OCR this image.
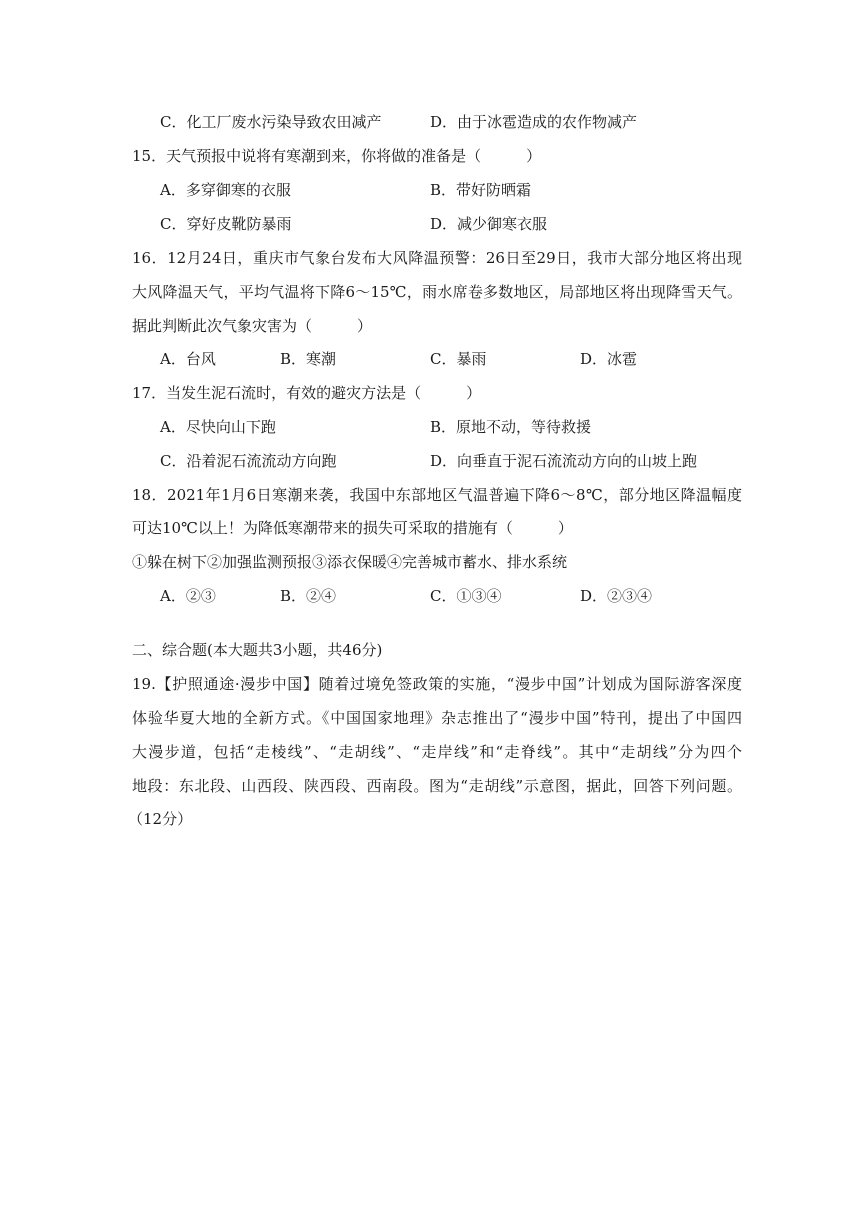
C．化工厂废水污染导致农田减产	D．由于冰雹造成的农作物减产
15．天气预报中说将有寒潮到来，你将做的准备是（　　　）
A．多穿御寒的衣服	B．带好防晒霜
C．穿好皮靴防暴雨	D．减少御寒衣服
16．12月24日，重庆市气象台发布大风降温预警：26日至29日，我市大部分地区将出现
大风降温天气，平均气温将下降6～15℃，雨水席卷多数地区，局部地区将出现降雪天气。
据此判断此次气象灾害为（　　　）
A．台风	B．寒潮	C．暴雨	D．冰雹
17．当发生泥石流时，有效的避灾方法是（　　　）
A．尽快向山下跑	B．原地不动，等待救援
C．沿着泥石流流动方向跑	D．向垂直于泥石流流动方向的山坡上跑
18．2021年1月6日寒潮来袭，我国中东部地区气温普遍下降6～8℃，部分地区降温幅度
可达10℃以上！为降低寒潮带来的损失可采取的措施有（　　　）
①躲在树下②加强监测预报③添衣保暖④完善城市蓄水、排水系统
A．②③	B．②④	C．①③④	D．②③④
二、综合题(本大题共3小题，共46分)
19.【护照通途·漫步中国】随着过境免签政策的实施，“漫步中国”计划成为国际游客深度
体验华夏大地的全新方式。《中国国家地理》杂志推出了“漫步中国”特刊，提出了中国四
大漫步道，包括“走棱线”、“走胡线”、“走岸线”和“走脊线”。其中“走胡线”分为四个
地段：东北段、山西段、陕西段、西南段。图为“走胡线”示意图，据此，回答下列问题。
（12分）
